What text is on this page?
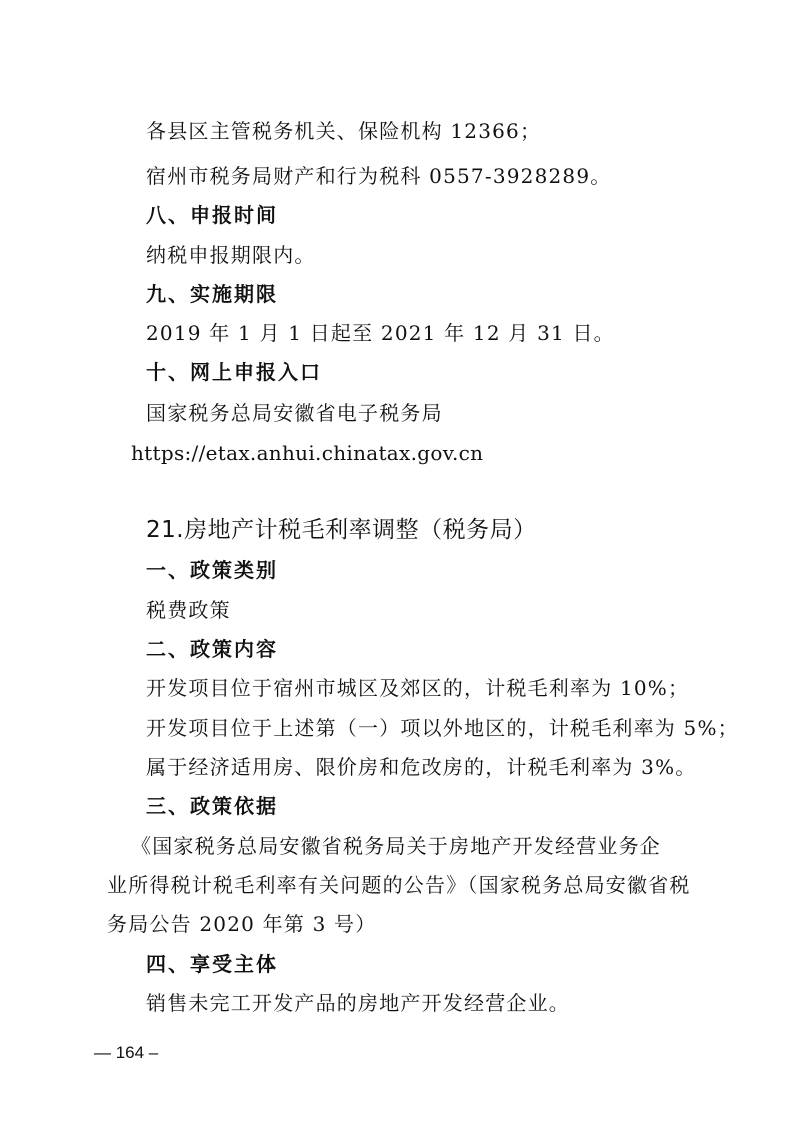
各县区主管税务机关、保险机构 12366；
宿州市税务局财产和行为税科 0557-3928289。
八、申报时间
纳税申报期限内。
九、实施期限
2019 年 1 月 1 日起至 2021 年 12 月 31 日。
十、网上申报入口
国家税务总局安徽省电子税务局
https://etax.anhui.chinatax.gov.cn
21.房地产计税毛利率调整（税务局）
一、政策类别
税费政策
二、政策内容
开发项目位于宿州市城区及郊区的，计税毛利率为 10%；
开发项目位于上述第（一）项以外地区的，计税毛利率为 5%；
属于经济适用房、限价房和危改房的，计税毛利率为 3%。
三、政策依据
《国家税务总局安徽省税务局关于房地产开发经营业务企
业所得税计税毛利率有关问题的公告》（国家税务总局安徽省税
务局公告 2020 年第 3 号）
四、享受主体
销售未完工开发产品的房地产开发经营企业。
— 164 –
